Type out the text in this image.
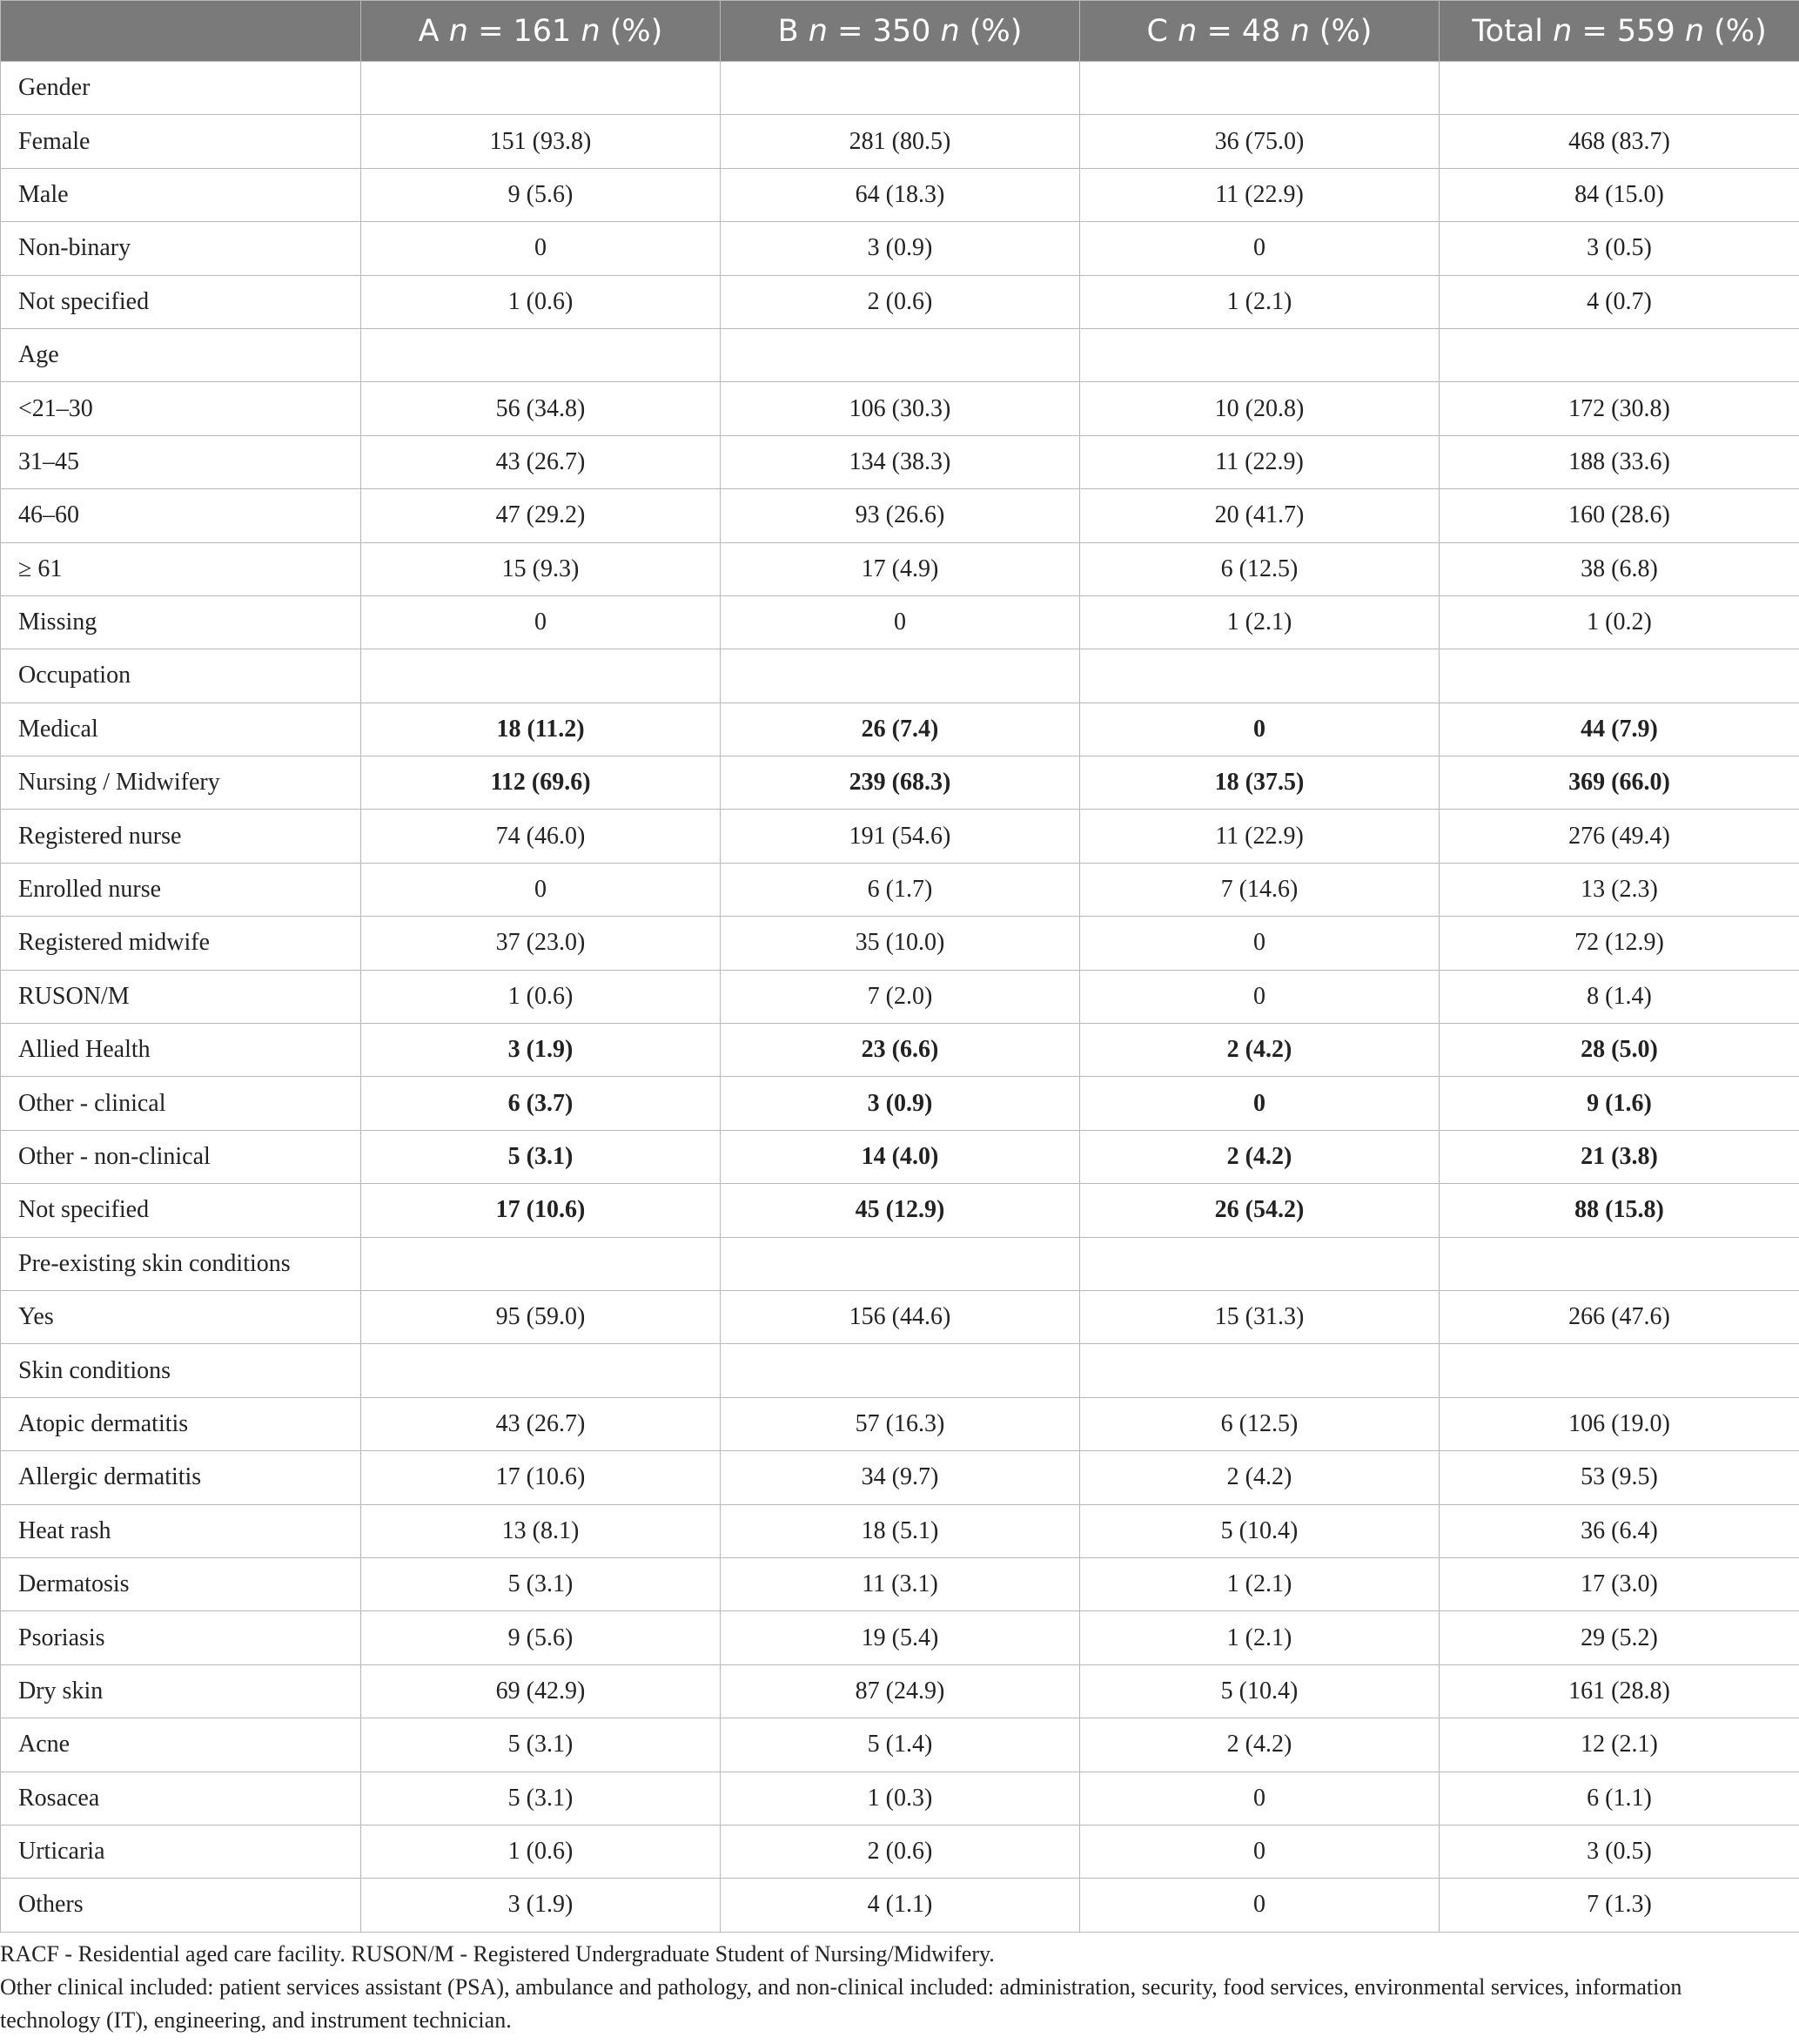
	A n = 161 n (%)	B n = 350 n (%)	C n = 48 n (%)	Total n = 559 n (%)
Gender				
Female	151 (93.8)	281 (80.5)	36 (75.0)	468 (83.7)
Male	9 (5.6)	64 (18.3)	11 (22.9)	84 (15.0)
Non-binary	0	3 (0.9)	0	3 (0.5)
Not specified	1 (0.6)	2 (0.6)	1 (2.1)	4 (0.7)
Age				
<21–30	56 (34.8)	106 (30.3)	10 (20.8)	172 (30.8)
31–45	43 (26.7)	134 (38.3)	11 (22.9)	188 (33.6)
46–60	47 (29.2)	93 (26.6)	20 (41.7)	160 (28.6)
≥ 61	15 (9.3)	17 (4.9)	6 (12.5)	38 (6.8)
Missing	0	0	1 (2.1)	1 (0.2)
Occupation				
Medical	18 (11.2)	26 (7.4)	0	44 (7.9)
Nursing / Midwifery	112 (69.6)	239 (68.3)	18 (37.5)	369 (66.0)
Registered nurse	74 (46.0)	191 (54.6)	11 (22.9)	276 (49.4)
Enrolled nurse	0	6 (1.7)	7 (14.6)	13 (2.3)
Registered midwife	37 (23.0)	35 (10.0)	0	72 (12.9)
RUSON/M	1 (0.6)	7 (2.0)	0	8 (1.4)
Allied Health	3 (1.9)	23 (6.6)	2 (4.2)	28 (5.0)
Other - clinical	6 (3.7)	3 (0.9)	0	9 (1.6)
Other - non-clinical	5 (3.1)	14 (4.0)	2 (4.2)	21 (3.8)
Not specified	17 (10.6)	45 (12.9)	26 (54.2)	88 (15.8)
Pre-existing skin conditions				
Yes	95 (59.0)	156 (44.6)	15 (31.3)	266 (47.6)
Skin conditions				
Atopic dermatitis	43 (26.7)	57 (16.3)	6 (12.5)	106 (19.0)
Allergic dermatitis	17 (10.6)	34 (9.7)	2 (4.2)	53 (9.5)
Heat rash	13 (8.1)	18 (5.1)	5 (10.4)	36 (6.4)
Dermatosis	5 (3.1)	11 (3.1)	1 (2.1)	17 (3.0)
Psoriasis	9 (5.6)	19 (5.4)	1 (2.1)	29 (5.2)
Dry skin	69 (42.9)	87 (24.9)	5 (10.4)	161 (28.8)
Acne	5 (3.1)	5 (1.4)	2 (4.2)	12 (2.1)
Rosacea	5 (3.1)	1 (0.3)	0	6 (1.1)
Urticaria	1 (0.6)	2 (0.6)	0	3 (0.5)
Others	3 (1.9)	4 (1.1)	0	7 (1.3)

RACF - Residential aged care facility. RUSON/M - Registered Undergraduate Student of Nursing/Midwifery.

Other clinical included: patient services assistant (PSA), ambulance and pathology, and non-clinical included: administration, security, food services, environmental services, information technology (IT), engineering, and instrument technician.
